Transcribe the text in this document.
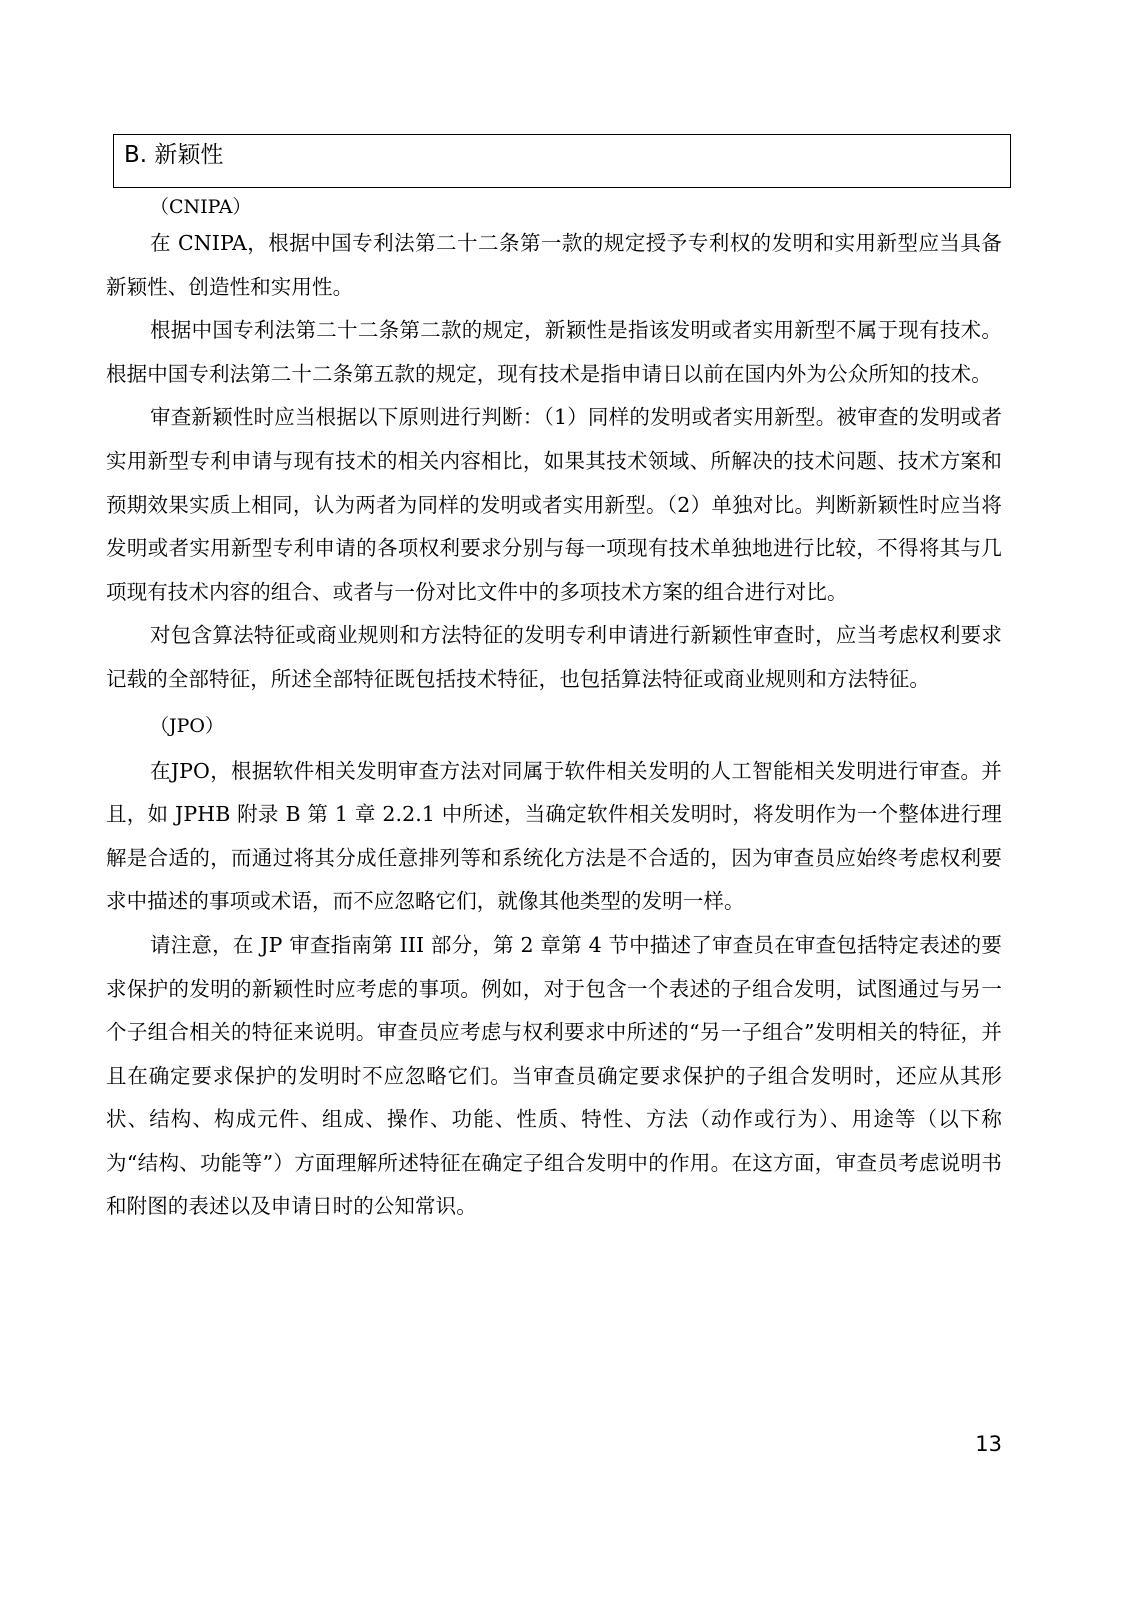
B. 新颖性

（CNIPA）

在 CNIPA，根据中国专利法第二十二条第一款的规定授予专利权的发明和实用新型应当具备新颖性、创造性和实用性。

根据中国专利法第二十二条第二款的规定，新颖性是指该发明或者实用新型不属于现有技术。根据中国专利法第二十二条第五款的规定，现有技术是指申请日以前在国内外为公众所知的技术。

审查新颖性时应当根据以下原则进行判断：（1）同样的发明或者实用新型。被审查的发明或者实用新型专利申请与现有技术的相关内容相比，如果其技术领域、所解决的技术问题、技术方案和预期效果实质上相同，认为两者为同样的发明或者实用新型。（2）单独对比。判断新颖性时应当将发明或者实用新型专利申请的各项权利要求分别与每一项现有技术单独地进行比较，不得将其与几项现有技术内容的组合、或者与一份对比文件中的多项技术方案的组合进行对比。

对包含算法特征或商业规则和方法特征的发明专利申请进行新颖性审查时，应当考虑权利要求记载的全部特征，所述全部特征既包括技术特征，也包括算法特征或商业规则和方法特征。

（JPO）

在JPO，根据软件相关发明审查方法对同属于软件相关发明的人工智能相关发明进行审查。并且，如 JPHB 附录 B 第 1 章 2.2.1 中所述，当确定软件相关发明时，将发明作为一个整体进行理解是合适的，而通过将其分成任意排列等和系统化方法是不合适的，因为审查员应始终考虑权利要求中描述的事项或术语，而不应忽略它们，就像其他类型的发明一样。

请注意，在 JP 审查指南第 III 部分，第 2 章第 4 节中描述了审查员在审查包括特定表述的要求保护的发明的新颖性时应考虑的事项。例如，对于包含一个表述的子组合发明，试图通过与另一个子组合相关的特征来说明。审查员应考虑与权利要求中所述的“另一子组合”发明相关的特征，并且在确定要求保护的发明时不应忽略它们。当审查员确定要求保护的子组合发明时，还应从其形状、结构、构成元件、组成、操作、功能、性质、特性、方法（动作或行为）、用途等（以下称为“结构、功能等”）方面理解所述特征在确定子组合发明中的作用。在这方面，审查员考虑说明书和附图的表述以及申请日时的公知常识。

13
